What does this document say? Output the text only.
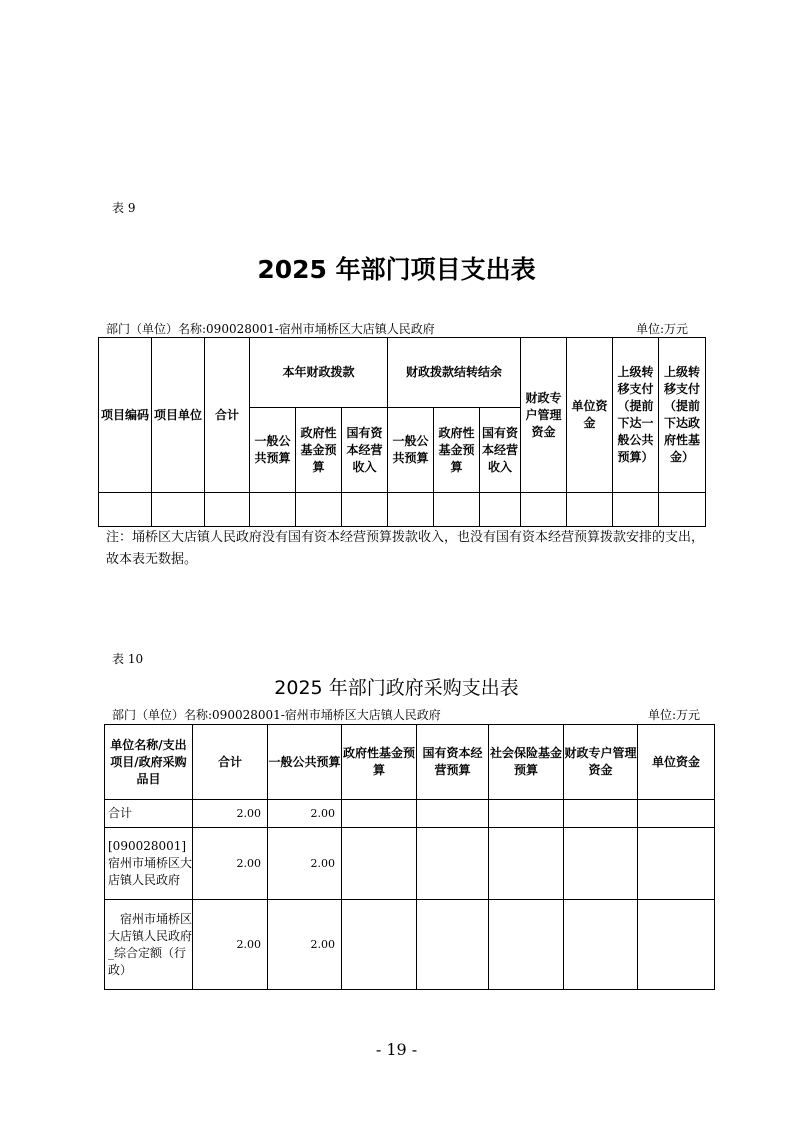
表 9
2025 年部门项目支出表
部门（单位）名称:090028001-宿州市埇桥区大店镇人民政府	单位:万元
项目编码	项目单位	合计	本年财政拨款			财政拨款结转结余			财政专户管理资金	单位资金	上级转移支付（提前下达一般公共预算）	上级转移支付（提前下达政府性基金）
			一般公共预算	政府性基金预算	国有资本经营收入	一般公共预算	政府性基金预算	国有资本经营收入				

注：埇桥区大店镇人民政府没有国有资本经营预算拨款收入，也没有国有资本经营预算拨款安排的支出，故本表无数据。
表 10
2025 年部门政府采购支出表
部门（单位）名称:090028001-宿州市埇桥区大店镇人民政府	单位:万元
单位名称/支出项目/政府采购品目	合计	一般公共预算	政府性基金预算	国有资本经营预算	社会保险基金预算	财政专户管理资金	单位资金
合计	2.00	2.00					
[090028001]宿州市埇桥区大店镇人民政府	2.00	2.00					
　宿州市埇桥区大店镇人民政府_综合定额（行政）	2.00	2.00					
- 19 -
